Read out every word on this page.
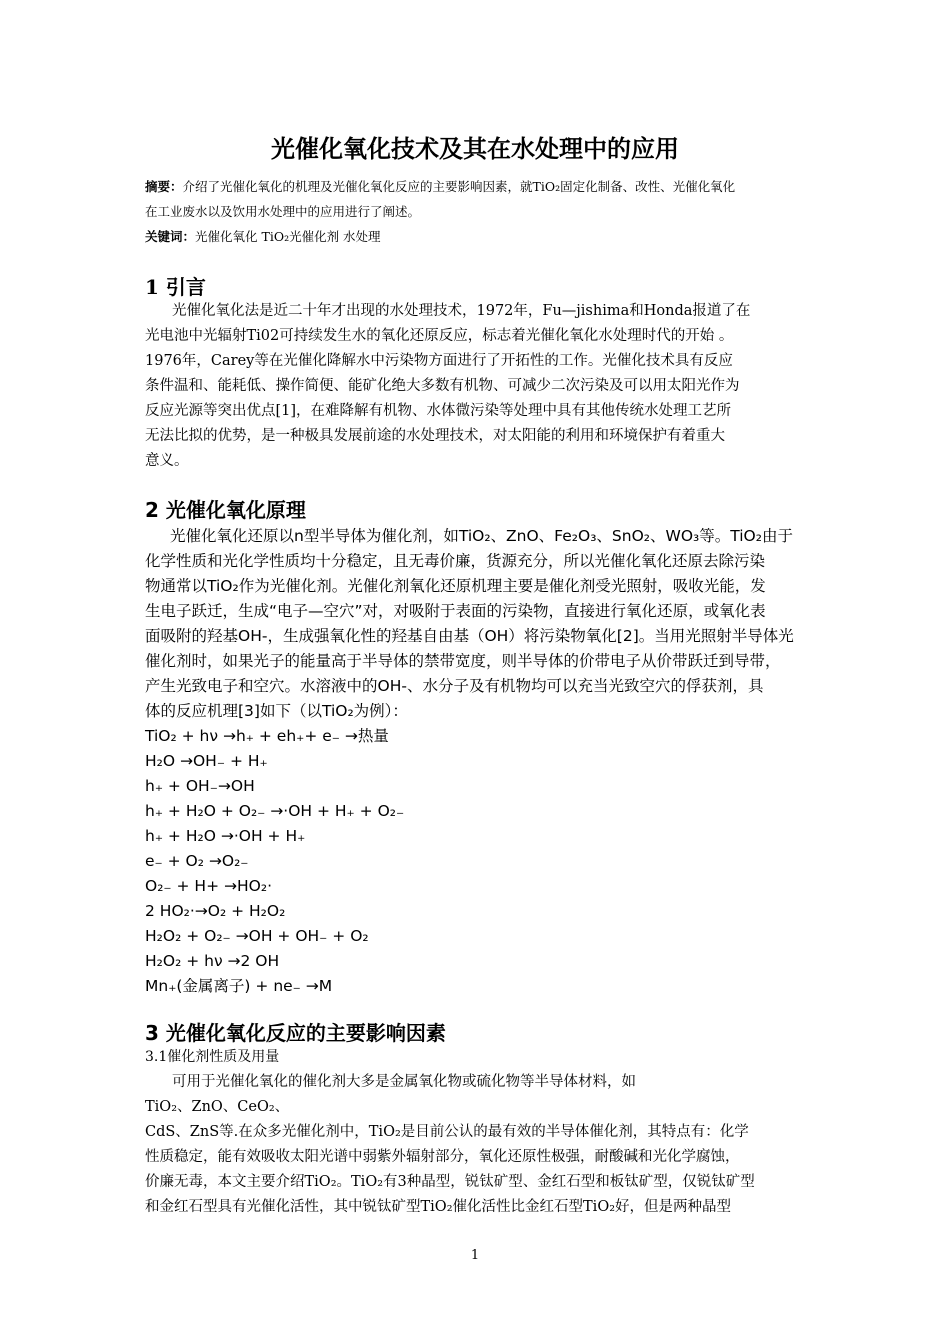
光催化氧化技术及其在水处理中的应用
摘要：介绍了光催化氧化的机理及光催化氧化反应的主要影响因素，就TiO₂固定化制备、改性、光催化氧化
在工业废水以及饮用水处理中的应用进行了阐述。
关键词：光催化氧化 TiO₂光催化剂 水处理
1 引言
光催化氧化法是近二十年才出现的水处理技术，1972年，Fu—jishima和Honda报道了在
光电池中光辐射Ti02可持续发生水的氧化还原反应，标志着光催化氧化水处理时代的开始 。
1976年，Carey等在光催化降解水中污染物方面进行了开拓性的工作。光催化技术具有反应
条件温和、能耗低、操作简便、能矿化绝大多数有机物、可减少二次污染及可以用太阳光作为
反应光源等突出优点[1]，在难降解有机物、水体微污染等处理中具有其他传统水处理工艺所
无法比拟的优势，是一种极具发展前途的水处理技术，对太阳能的利用和环境保护有着重大
意义。
2 光催化氧化原理
光催化氧化还原以n型半导体为催化剂，如TiO₂、ZnO、Fe₂O₃、SnO₂、WO₃等。TiO₂由于
化学性质和光化学性质均十分稳定，且无毒价廉，货源充分，所以光催化氧化还原去除污染
物通常以TiO₂作为光催化剂。光催化剂氧化还原机理主要是催化剂受光照射，吸收光能，发
生电子跃迁，生成“电子—空穴”对，对吸附于表面的污染物，直接进行氧化还原，或氧化表
面吸附的羟基OH-，生成强氧化性的羟基自由基（OH）将污染物氧化[2]。当用光照射半导体光
催化剂时，如果光子的能量高于半导体的禁带宽度，则半导体的价带电子从价带跃迁到导带，
产生光致电子和空穴。水溶液中的OH-、水分子及有机物均可以充当光致空穴的俘获剂，具
体的反应机理[3]如下（以TiO₂为例）：
TiO₂ + hν →h₊ + eh₊+ e₋ →热量
H₂O →OH₋ + H₊
h₊ + OH₋→OH
h₊ + H₂O + O₂₋ →·OH + H₊ + O₂₋
h₊ + H₂O →·OH + H₊
e₋ + O₂ →O₂₋
O₂₋ + H+ →HO₂·
2 HO₂·→O₂ + H₂O₂
H₂O₂ + O₂₋ →OH + OH₋ + O₂
H₂O₂ + hν →2 OH
Mn₊(金属离子) + ne₋ →M
3 光催化氧化反应的主要影响因素
3.1催化剂性质及用量
可用于光催化氧化的催化剂大多是金属氧化物或硫化物等半导体材料，如
TiO₂、ZnO、CeO₂、
CdS、ZnS等.在众多光催化剂中，TiO₂是目前公认的最有效的半导体催化剂，其特点有：化学
性质稳定，能有效吸收太阳光谱中弱紫外辐射部分，氧化还原性极强，耐酸碱和光化学腐蚀，
价廉无毒，本文主要介绍TiO₂。TiO₂有3种晶型，锐钛矿型、金红石型和板钛矿型，仅锐钛矿型
和金红石型具有光催化活性，其中锐钛矿型TiO₂催化活性比金红石型TiO₂好，但是两种晶型
1
